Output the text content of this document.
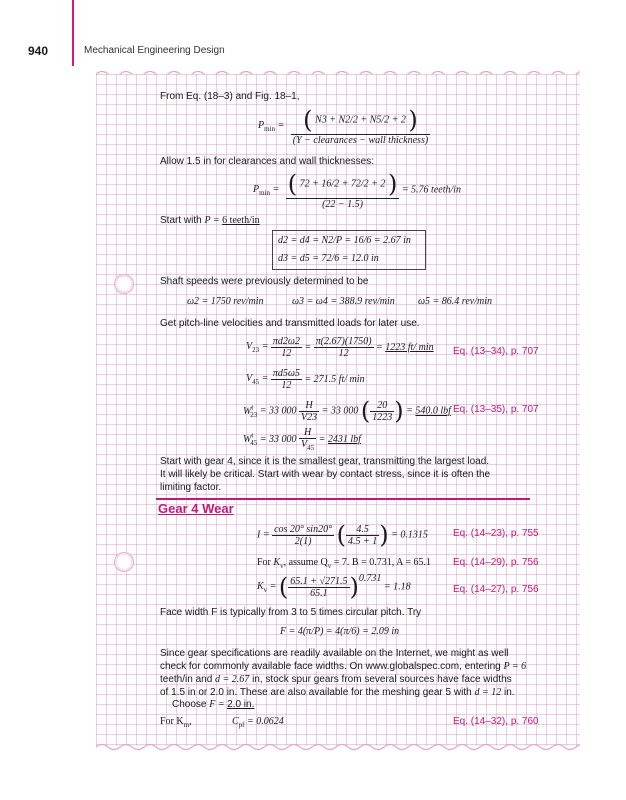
940	Mechanical Engineering Design
From Eq. (18–3) and Fig. 18–1,
$P_{min} = \frac{( N3 + N2/2 + N5/2 + 2 )}{\text{(Y − clearances − wall thickness)}}$
Allow 1.5 in for clearances and wall thicknesses:
$P_{min} = \frac{( 72 + 16/2 + 72/2 + 2 )}{(22 - 1.5)} = 5.76$ teeth/in
Start with P = 6 teeth/in
d2 = d4 = N2/P = 16/6 = 2.67 in
d3 = d5 = 72/6 = 12.0 in
Shaft speeds were previously determined to be
ω2 = 1750 rev/min	ω3 = ω4 = 388.9 rev/min ω5 = 86.4 rev/min
Get pitch-line velocities and transmitted loads for later use.
$V_{23} = \frac{\pi d2\omega 2}{12} = \frac{\pi(2.67)(1750)}{12} = 1223$ ft/ min Eq. (13–34), p. 707
$V_{45} = \frac{\pi d5\omega 5}{12} = 271.5$ ft/ min
$W^t_{23} = 33$ $000 \frac{H}{V23} = 33$ 000 ( $\frac{20}{1223}$ ) = 540.0 lbf Eq. (13–35), p. 707
$W^t_{45} = 33$ $000 \frac{H}{V_{45}} = 2431$ lbf
Start with gear 4, since it is the smallest gear, transmitting the largest load.
It will likely be critical. Start with wear by contact stress, since it is often the
limiting factor.
Gear 4 Wear
$I = \frac{\cos 20^\circ \sin 20^\circ}{2(1)}$ ( $\frac{4.5}{4.5 + 1}$ ) = 0.1315	Eq. (14–23), p. 755
For $K_v$, assume $Q_v = 7$. B = 0.731, A = 65.1 Eq. (14–29), p. 756
$K_v$ = ( $\frac{65.1 + √271.5}{65.1} )^{0.731} = 1.18$	Eq. (14–27), p. 756
Face width F is typically from 3 to 5 times circular pitch. Try
F = 4(π/P) = 4(π/6) = 2.09 in
Since gear specifications are readily available on the Internet, we might as well
check for commonly available face widths. On www.globalspec.com, entering P = 6
teeth/in and d = 2.67 in, stock spur gears from several sources have face widths
of 1.5 in or 2.0 in. These are also available for the meshing gear 5 with d = 12 in.
Choose F = 2.0 in.
For $K_m$,	$C_{pf} = 0.0624$	Eq. (14–32), p. 760
